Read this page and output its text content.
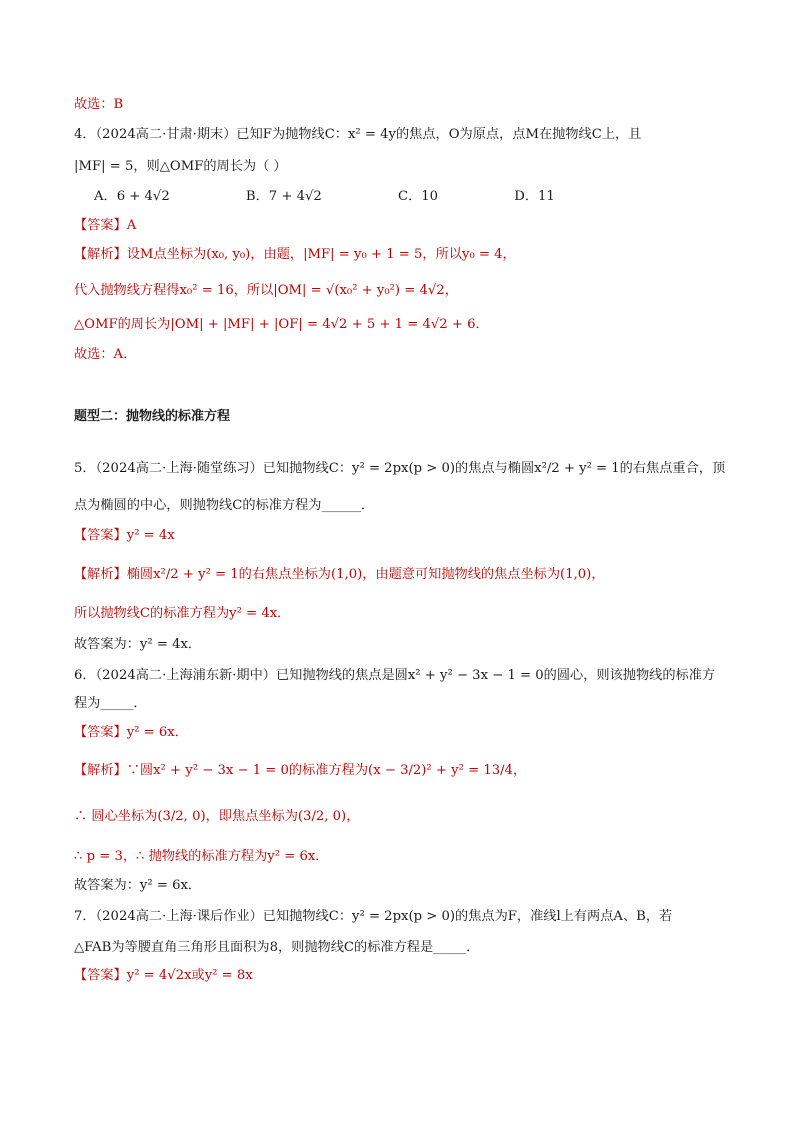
故选：B
4．（2024高二·甘肃·期末）已知F为抛物线C：x² = 4y的焦点，O为原点，点M在抛物线C上，且
|MF| = 5，则△OMF的周长为（ ）
A．6 + 4√2	B．7 + 4√2	C．10	D．11
【答案】A
【解析】设M点坐标为(x₀, y₀)，由题，|MF| = y₀ + 1 = 5，所以y₀ = 4，
代入抛物线方程得x₀² = 16，所以|OM| = √(x₀² + y₀²) = 4√2，
△OMF的周长为|OM| + |MF| + |OF| = 4√2 + 5 + 1 = 4√2 + 6．
故选：A．
题型二：抛物线的标准方程
5．（2024高二·上海·随堂练习）已知抛物线C：y² = 2px(p > 0)的焦点与椭圆x²/2 + y² = 1的右焦点重合，顶
点为椭圆的中心，则抛物线C的标准方程为______．
【答案】y² = 4x
【解析】椭圆x²/2 + y² = 1的右焦点坐标为(1,0)，由题意可知抛物线的焦点坐标为(1,0)，
所以抛物线C的标准方程为y² = 4x．
故答案为：y² = 4x．
6．（2024高二·上海浦东新·期中）已知抛物线的焦点是圆x² + y² − 3x − 1 = 0的圆心，则该抛物线的标准方
程为_____．
【答案】y² = 6x．
【解析】∵圆x² + y² − 3x − 1 = 0的标准方程为(x − 3/2)² + y² = 13/4，
∴ 圆心坐标为(3/2, 0)，即焦点坐标为(3/2, 0)，
∴ p = 3，∴ 抛物线的标准方程为y² = 6x．
故答案为：y² = 6x．
7．（2024高二·上海·课后作业）已知抛物线C：y² = 2px(p > 0)的焦点为F，准线l上有两点A、B，若
△FAB为等腰直角三角形且面积为8，则抛物线C的标准方程是_____．
【答案】y² = 4√2x或y² = 8x
